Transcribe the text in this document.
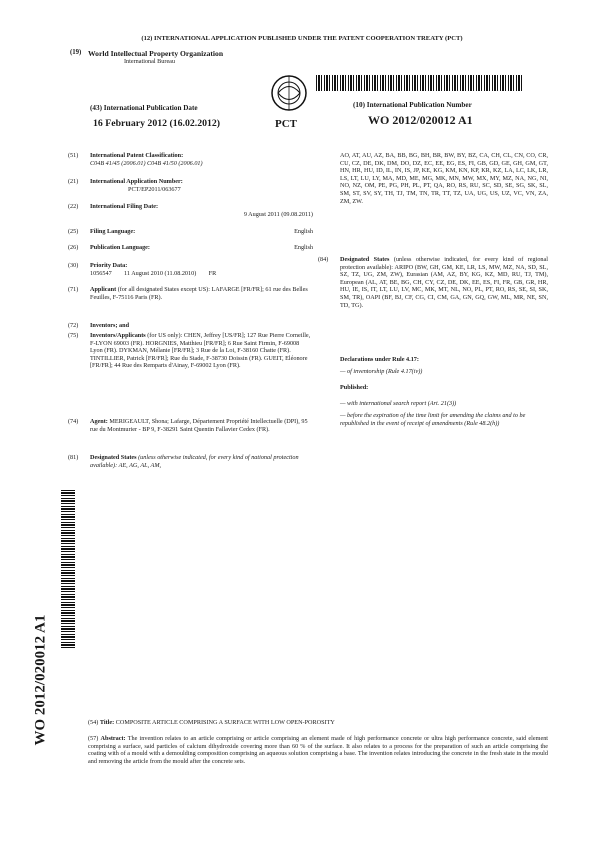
(12) INTERNATIONAL APPLICATION PUBLISHED UNDER THE PATENT COOPERATION TREATY (PCT)
(19) World Intellectual Property Organization
International Bureau
(43) International Publication Date
16 February 2012 (16.02.2012)	PCT
(10) International Publication Number
WO 2012/020012 A1
(51)	International Patent Classification:
C04B 41/45 (2006.01) C04B 41/50 (2006.01)
(21)	International Application Number:

PCT/EP2011/063677
(22)	International Filing Date:

9 August 2011 (09.08.2011)
(25)	Filing Language:	English
(26)	Publication Language:	English
(30)	Priority Data:
1056547        11 August 2010 (11.08.2010)        FR
(71)	Applicant (for all designated States except US): LAFARGE [FR/FR]; 61 rue des Belles Feuilles, F-75116 Paris (FR).
(72)	Inventors; and
(75)	Inventors/Applicants (for US only): CHEN, Jeffrey [US/FR]; 127 Rue Pierre Corneille, F-LYON 69003 (FR). HORGNIES, Matthieu [FR/FR]; 6 Rue Saint Firmin, F-69008 Lyon (FR). DYKMAN, Mélanie [FR/FR]; 3 Rue de la Loi, F-38160 Chatte (FR). TINTILLIER, Patrick [FR/FR]; Rue du Stade, F-38730 Doissin (FR). GUEIT, Eléonore [FR/FR]; 44 Rue des Remparts d'Ainay, F-69002 Lyon (FR).
(74)	Agent: MERIGEAULT, Shona; Lafarge, Département Propriété Intellectuelle (DPI), 95 rue du Montmurier - BP 9, F-38291 Saint Quentin Fallavier Cedex (FR).
(81)	Designated States (unless otherwise indicated, for every kind of national protection available): AE, AG, AL, AM,
AO, AT, AU, AZ, BA, BB, BG, BH, BR, BW, BY, BZ, CA, CH, CL, CN, CO, CR, CU, CZ, DE, DK, DM, DO, DZ, EC, EE, EG, ES, FI, GB, GD, GE, GH, GM, GT, HN, HR, HU, ID, IL, IN, IS, JP, KE, KG, KM, KN, KP, KR, KZ, LA, LC, LK, LR, LS, LT, LU, LY, MA, MD, ME, MG, MK, MN, MW, MX, MY, MZ, NA, NG, NI, NO, NZ, OM, PE, PG, PH, PL, PT, QA, RO, RS, RU, SC, SD, SE, SG, SK, SL, SM, ST, SV, SY, TH, TJ, TM, TN, TR, TT, TZ, UA, UG, US, UZ, VC, VN, ZA, ZM, ZW.
(84)	Designated States (unless otherwise indicated, for every kind of regional protection available): ARIPO (BW, GH, GM, KE, LR, LS, MW, MZ, NA, SD, SL, SZ, TZ, UG, ZM, ZW), Eurasian (AM, AZ, BY, KG, KZ, MD, RU, TJ, TM), European (AL, AT, BE, BG, CH, CY, CZ, DE, DK, EE, ES, FI, FR, GB, GR, HR, HU, IE, IS, IT, LT, LU, LV, MC, MK, MT, NL, NO, PL, PT, RO, RS, SE, SI, SK, SM, TR), OAPI (BF, BJ, CF, CG, CI, CM, GA, GN, GQ, GW, ML, MR, NE, SN, TD, TG).
Declarations under Rule 4.17:
— of inventorship (Rule 4.17(iv))
Published:
— with international search report (Art. 21(3))
— before the expiration of the time limit for amending the claims and to be republished in the event of receipt of amendments (Rule 48.2(h))
WO 2012/020012 A1	(54) Title: COMPOSITE ARTICLE COMPRISING A SURFACE WITH LOW OPEN-POROSITY
(57) Abstract: The invention relates to an article comprising or article comprising an element made of high performance concrete or ultra high performance concrete, said element comprising a surface, said particles of calcium dihydroxide covering more than 60 % of the surface. It also relates to a process for the preparation of such an article comprising the coating with of a mould with a demoulding composition comprising an aqueous solution comprising a base. The invention relates introducing the concrete in the fresh state in the mould and removing the article from the mould after the concrete sets.
